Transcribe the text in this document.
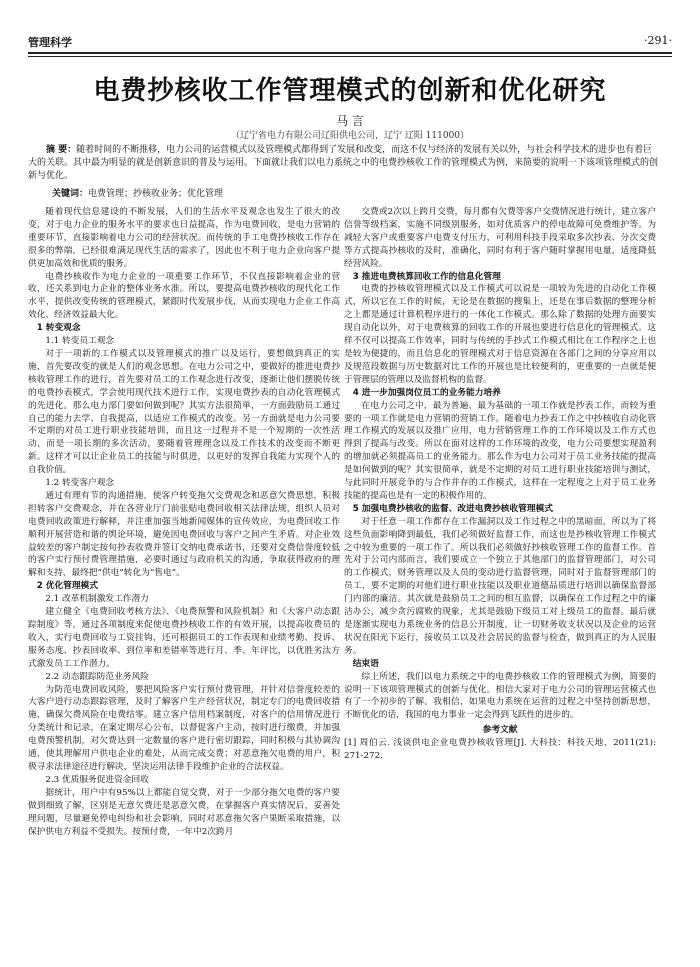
管理科学	·291·
电费抄核收工作管理模式的创新和优化研究
马 言
（辽宁省电力有限公司辽阳供电公司，辽宁 辽阳 111000）
摘 要：随着时间的不断推移，电力公司的运营模式以及管理模式都得到了发展和改变，而这不仅与经济的发展有关以外，与社会科学技术的进步也有着巨大的关联。其中最为明显的就是创新意识的普及与运用。下面就让我们以电力系统之中的电费抄核收工作的管理模式为例，来简要的说明一下该项管理模式的创新与优化。
关键词：电费管理；抄核收业务；优化管理

随着现代信息建设的不断发展，人们的生活水平及观念也发生了很大的改变，对于电力企业的服务水平的要求也日益提高，作为电费回收，是电力营销的重要环节，直接影响着电力公司的经营状况。而传统的手工电费抄核收工作存在很多的弊端，已经很难满足现代生活的需求了，因此也不利于电力企业向客户提供更加高效和优质的服务。

电费抄核收作为电力企业的一项重要工作环节，不仅直接影响着企业的营收，还关系到电力企业的整体业务水准。所以，要提高电费抄核收的现代化工作水平，提供改变传统的管理模式，紧跟时代发展步伐，从而实现电力企业工作高效化、经济效益最大化。

1 转变观念

1.1 转变员工观念

对于一项新的工作模式以及管理模式的推广以及运行，要想做到真正的实施，首先要改变的就是人们的观念思想。在电力公司之中，要做好的推进电费抄核收管理工作的进行，首先要对员工的工作观念进行改变，逐渐让他们摆脱传统的电费抄表模式，学会使用现代技术进行工作，实现电费抄表的自动化管理模式的先进化。那么电力部门要如何做到呢？其实方法很简单，一方面鼓励员工通过自己的能力去学、自我提高，以适应工作模式的改变。另一方面就是电力公司要不定期的对员工进行职业技能培训，而且这一过程并不是一个短期的一次性活动，而是一项长期的多次活动，要随着管理理念以及工作技术的改变而不断更新。这样才可以让企业员工的技能与时俱进，以更好的发挥自我能力实现个人的自我价值。

1.2 转变客户观念

通过有理有节的沟通措施，使客户转变拖欠交费观念和恶意欠费思想，积极担转客户交费观念，并在各营业厅门前张贴电费回收相关法律法规，组织人员对电费回收政策进行解释，并注重加强当地新闻媒体的宣传效应，为电费回收工作顺利开展营造和谐的舆论环境，避免因电费回收与客户之间产生矛盾。对企业效益较差的客户制定按旬抄表收费并签订交纳电费承诺书，还要对交费信誉度较低的客户实行预付费管理措施，必要时通过与政府机关的沟通，争取获得政府的理解和支持，最终把“供电”转化为“售电”。

2 优化管理模式

2.1 改革机制激发工作潜力

建立健全《电费回收考核方法》、《电费预警和风险机制》和《大客户动态跟踪制度》等，通过各项制度来促使电费抄核收工作的有效开展，以提高收费员的收入，实行电费回收与工资挂钩，还可根据员工的工作表现和业绩考勤、投诉、服务态度、抄表回收率、到位率和差错率等进行月、季、年评比，以优胜劣汰方式激发员工工作潜力。

2.2 动态跟踪防范业务风险

为防范电费回收风险，要把风险客户实行预付费管理，并针对信誉度较差的大客户进行动态跟踪管理，及时了解客户生产经营状况，制定专门的电费回收措施，确保欠费风险在电费结零。建立客户信用档案制度，对客户的信用情况进行分类统计和记录，在案定期尽心公布，以督促客户主动，按时进行缴费，并加强电费预警机制，对欠费达到一定数量的客户进行密切跟踪，同时积极与其协调沟通，使其理解用户供电企业的难处，从而完成交费；对恶意拖欠电费的用户，积极寻求法律途径进行解决，坚决运用法律手段维护企业的合法权益。

2.3 优质服务促进资金回收

据统计，用户中有95%以上都能自觉交费，对于一少部分拖欠电费的客户要做到细致了解，区别是无意欠费还是恶意欠费，在掌握客户真实情况后，妥善处理问题，尽量避免停电纠纷和社会影响，同时对恶意拖欠客户果断采取措施，以保护供电方利益不受损失。按预付费，一年中2次跨月

交费或2次以上跨月交费，每月都有欠费等客户交费情况进行统计，建立客户信誉等级档案，实施不同级别服务，如对优质客户的停电故障可免费维护等。为减轻大客户或重要客户电费支付压力，可利用科技手段采取多次抄表、分次交费等方式提高抄核收的及时，准确化，同时有利于客户随时掌握用电量，适度降低经营风险。

3 推进电费核算回收工作的信息化管理

电费的抄核收管理模式以及工作模式可以说是一项较为先进的自动化工作模式，所以它在工作的时候，无论是在数据的搜集上，还是在事后数据的整理分析之上都是通过计算机程序进行的一体化工作模式。那么除了数据的处理方面要实现自动化以外，对于电费核算的回收工作的开展也要进行信息化的管理模式。这样不仅可以提高工作效率，同时与传统的手抄式工作模式相比在工作程序之上也是较为便捷的，而且信息化的管理模式对于信息资源在各部门之间的分享应用以及规范段数据与历史数据对比工作的开展也是比较便利的，更重要的一点就是便于管理层的管理以及监督机构的监督。

4 进一步加强岗位员工的业务能力培养

在电力公司之中，最为普遍，最为基础的一项工作就是抄表工作，而较为重要的一项工作就是电力营销的营销工作。随着电力抄表工作之中抄核收自动化管理工作模式的发展以及推广应用，电力营销管理工作的工作环境以及工作方式也得到了提高与改变。所以在面对这样的工作环境的改变，电力公司要想实现盈利的增加就必须提高员工的业务能力。那么作为电力公司对于员工业务技能的提高是如何做到的呢？其实很简单，就是不定期的对员工进行职业技能培训与测试，与此同时开展竞争的与合作并存的工作模式，这样在一定程度之上对于员工业务技能的提高也是有一定的积极作用的。

5 加强电费抄核收的监督、改进电费抄核收管理模式

对于任意一项工作都存在工作漏洞以及工作过程之中的黑暗面，所以为了将这些负面影响降到最低，我们必须做好监督工作，而这也是抄核收管理工作模式之中较为重要的一项工作了。所以我们必须做好抄核收管理工作的监督工作。首先对于公司内部而言，我们要成立一个独立于其他部门的监督管理部门，对公司的工作模式，财务管理以及人员的变动进行监督管理，同时对于监督管理部门的员工，要不定期的对他们进行职业技能以及职业道德品质进行培训以确保监督部门内部的廉洁。其次就是鼓励员工之间的相互监督，以确保在工作过程之中的廉洁办公，减少贪污腐败的现象，尤其是鼓励下级员工对上级员工的监督。最后就是逐渐实现电力系统业务的信息公开制度，让一切财务收支状况以及企业的运营状况在阳光下运行，接收员工以及社会居民的监督与检查，做到真正的为人民服务。

结束语

综上所述，我们以电力系统之中的电费抄核收工作的管理模式为例，简要的说明一下该项管理模式的创新与优化。相信大家对于电力公司的管理运营模式也有了一个初步的了解。我相信，如果电力系统在运营的过程之中坚持创新思想，不断优化的话，我国的电力事业一定会得到飞跃性的进步的。

参考文献

[1] 周伯云. 浅谈供电企业电费抄核收管理[J]. 大科技：科技天地，2011(21): 271-272.
